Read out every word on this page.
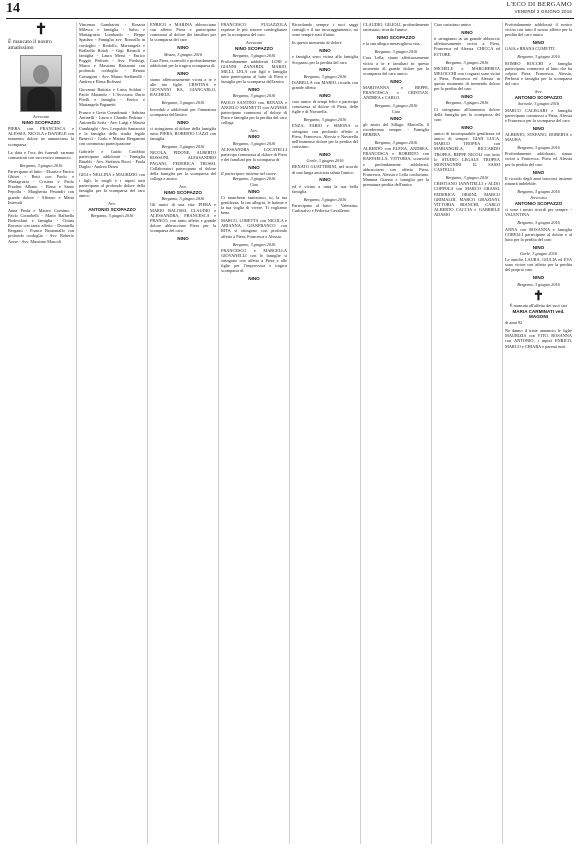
14	L'ECO DI BERGAMO
VENERDÌ 3 GIUGNO 2016
✝
È mancato il nostro amatissimo
Avvocato
NINO SCOPAZZO
PIERA con FRANCESCA e ALESSIA, NICOLA e DANIELE con immenso dolore ne annunciano la scomparsa.
La data e l'ora dei funerali saranno comunicati con successivo annuncio.
Bergamo, 3 giugno 2016
Partecipano al lutto: - Elsaria e Enrico Ghisei - Betti con Paolo e Mariagrazia - Cristina e Paolo Praolini Albano - Elena e Santo Pepolla - Margherita Pesandri con grande dolore - Alfonso e Maria Intersoli
Anna Preda e Matteo Cornimo - Paolo Cornobelli - Mario Raffaella Bodeschini e famiglia - Chiara Ravasio con tanto affetto - Donatella Bergami - Franco Beatoniallo con profondo cordoglio - Avv. Roberto Arese - Avv. Massimo Mascoli
Vincenza Gambarini - Rosaria Milesco e famiglia - Salvo e Mariagrazia Lombardo - Beppe Spadaro - Famiglia avv. Roncalla in cordoglio - Rodolfo, Mariangela e Raffaella Rotoli - Gigi Renzoli e famiglia - Laura Messi - Enrico Poggio Pedrotti - Avv. Pierluigi, Marco e Massimo Baizarani con profondo cordoglio - Renato Cornagoni - Avv. Mauro Steffanelli - Andrea e Elena Bolisani
Giovanni Battista e Luisa Soldati - Paolo Marando - L'Avvocato Dario Pirelli e famiglia - Enrico e Mariangela Paganetti
Franco e Greta Conadonati - Sabrina Antinelli - Laura e Claudio Pedrina - Antonella Sofia - Avv. Luigi e Marzia Cambiaghi - Avv. Leopoldo Santacotti e la famiglia dello studio legale Benecci - Carlo e Marina Bergamini con commosso partecipazione
Gabriele e Guido Carobbio partecipano addolorati - Famiglia Rinaldi - Avv. Stefania Rossi - Paola Daglio - Andrea Deiza
GIGI e NELLINA e MAURIZIO con i figli, le mogli e i nipoti tutti partecipano al profondo dolore della famiglia per la scomparsa del caro amico
Avv.
ANTONIO SCOPAZZO
Bergamo, 3 giugno 2016
ENRICO e MARINA abbracciano con affetto Piera e partecipano commossi al dolore dei familiari per la scomparsa del caro
NINO
Mozzo, 3 giugno 2016
Cara Piera, sconvolti e profondamente addolorati per la tragica scomparsa di
NINO
siamo affettuosamente vicini a te e alle tue figlie. CRISTINA e GIOVANNI BA, GIANCARLO, RACHELE.
Bergamo, 3 giugno 2016
Increduli e addolorati per l'immatura scomparsa dell'amico
NINO
ci stringiamo al dolore della famiglia tutta. PIERA, ROBERTO CAZZI con famiglia.
Bergamo, 3 giugno 2016
NICOLA, PIDONE, ALBERTO ROSSONI, ALESSANDRO PAGANI, FEDERICA TROSSI. Collaboratori partecipano al dolore della famiglia per la scomparsa del collega e amico
Avv.
NINO SCOPAZZO
Bergamo, 3 giugno 2016
Gli amici di una vita: PIERA e MARIO BALOSSI, CLAUDIO e ALESSANDRA, FRANCESCA e FRANCO, con tanto affetto e grande dolore abbracciano Piera per la scomparsa del caro
NINO
FRANCESCO FUGAZZOLA esprime le più sincere condoglianze per la scomparsa del caro
Avvocato
NINO SCOPAZZO
Bergamo, 3 giugno 2016
Profondamente addolorati LORI e GIANNI ZANARDI, MARIO, MILLI, LELA con figli e famiglia tutta partecipano al lutto di Piera e famiglia per la scomparsa dell'amico
NINO
Bergamo, 3 giugno 2016
PAOLO SANTINO con RENATA e ANGELO MAINETTI con AGNESE partecipano commossi al dolore di Piera e famiglia per la perdita del caro collega
Avv.
NINO
Bergamo, 3 giugno 2016
ALESSANDRA LOCATELLI partecipa commossa al dolore di Piera e dei familiari per la scomparsa di
NINO
Il partecipare insieme nel cuore.
Bergamo, 3 giugno 2016
Ciao
NINO
Ci mancherai tantissimo, tu, la tua gentilezza, la tua allegria, le battute e la tua voglia di vivere. Ti vogliamo bene.
MARCO, LORETTA con NICOLA e ARIANNA, GIANFRANCO con RITA si stringono con profondo affetto a Piera, Francesca e Alessia.
Bergamo, 3 giugno 2016
FRANCESCO e MARCELLA GIOVANELLI con le famiglie si stringono con affetto a Piera e alle figlie per l'improvvisa e tragica scomparsa di
NINO
Ricordando sempre i tuoi saggi consigli e il tuo incoraggiamento, mi sono sempre stati d'aiuto.
In questo momento di dolore
NINO
e famiglia sono vicina alla famiglia Scopazzo per la perdita del caro
NINO
Bergamo, 3 giugno 2016
ISABELLA con MARIO, ricorda con grande affetto
NINO
caro amico di tempi felici e partecipa commossa al dolore di Piera, delle figlie e di Nuvarella.
Bergamo, 3 giugno 2016
ENZA, FABIO e SIMONA si stringono con profondo affetto a Piera, Francesca, Alessia e Nuvarella nell'immenso dolore per la perdita del carissimo
NINO
Gorle, 3 giugno 2016
RENATO GUATTERINI, nel ricordo di una lunga amicizia saluta l'amico
NINO
ed è vicino a tutta la sua bella famiglia.
Bergamo, 3 giugno 2016
Partecipano al lutto: - Valentina, Carlosalvo e Federica Cavallerini
CLAUDIO, GILIOLI, profondamente rattristato, ricorda l'amico
NINO SCOPAZZO
e la sua allegra meravigliosa vita.
Bergamo, 3 giugno 2016
Cara Lella, siamo affettuosamente vicini a te e familiari in questo momento di grande dolore per la scomparsa del caro amico
NINO
MARIVANNA e BEPPE, FRANCESCA e CRISTIAN, ANDREA e CARLO.
Bergamo, 3 giugno 2016
Ciao
NINO
gli amici del Sillago: Marcella, li ricorderemo sempre. - Famiglia BERERA
Bergamo, 3 giugno 2016
ALBERTO con ELENA, ANDREA, FRANCESCA e ROBERTO con RAFFAELLA, VITTORIA, sconvolti e profondamente addolorati, abbracciano con affetto Piera, Francesca, Alessia e Lella confortano. Mamma Gianna e famiglia per la prematura perdita dell'amico
Ciao carissimo amico
NINO
ti stringiamo in un grande abbraccio affettuosamente vicini a Piera, Francesca ed Alessia. CHICCA ed ETTORE.
Bergamo, 3 giugno 2016
MICHELE e MARGHERITA MELOCCHI con i ragazzi sono vicini a Piera, Francesca ed Alessia in questo momento di tremendo dolore per la perdita del caro
NINO
Bergamo, 3 giugno 2016
Ci stringiamo all'immenso dolore della famiglia per la scomparsa del caro
NINO
amico di incomparabile gentilezza ed amico di sempre. GIAN LUCA, MARCO TROPEA con MARIANGELA, RICCARDO TROPEA, BEPPE NICOLI con tutto lo STUDIO LEGALE TROPEA MONTAGNINI IL SASSI CASTELLI.
Bergamo, 3 giugno 2016
CRISTIANO IANNITELLI e ALDO COPPOLA con MARCO GRASSI, FEDERICA ORSINI, MARCO GRIMALDI, MARCO GRAZIANI, VITTORIA BIANCHI, CARLO ALBERTO CACCIA e GABRIELE ADAMO
Profondamente addolorati il nostro vicino con tutto il nostro affetto per la perdita del caro amico
NINO
GAIA e BRANA CUMETTI.
Bergamo, 3 giugno 2016
ROMEO ROCCHI e famiglia partecipano commossi al lutto che ha colpito Piera, Francesca, Alessia, Perbosti e famiglia per la scomparsa del caro
Avv.
ANTONIO SCOPAZZO
Sorisole, 3 giugno 2016
MARCO CALEGARI e famiglia partecipano commossi a Piera, Alessia e Francesca per la scomparsa del caro
NINO
ALBERTO, STEFANO, ROBERTA e MAURA
Bergamo, 3 giugno 2016
Profondamente addolorati, siamo vicini a Francesca, Piera ed Alessia per la perdita del caro
NINO
Il ricordo degli anni trascorsi insieme rimarrà indelebile.
Bergamo, 3 giugno 2016
Avvocato
ANTONIO SCOPAZZO
ci sono i nostri ricordi per sempre. - VALENTINA
Bergamo, 3 giugno 2016
ANNA con ROSANNA e famiglia CORELLI partecipano al dolore e al lutto per la perdita del caro
NINO
Gorle, 3 giugno 2016
Le amiche LAURA, GIULIA ed EVA sono vicine con affetto per la perdita del proprio caro
NINO
Bergamo, 3 giugno 2016
✝
È mancata all'affetto dei suoi cari
MARIA CARMINATI ved. MAGONI
di anni 92
Ne danno il triste annuncio le figlie MAURIZIA con VITO, ROSANNA con ANTONIO, i nipoti ENRICO, MARCO e CHIARA e parenti tutti.
